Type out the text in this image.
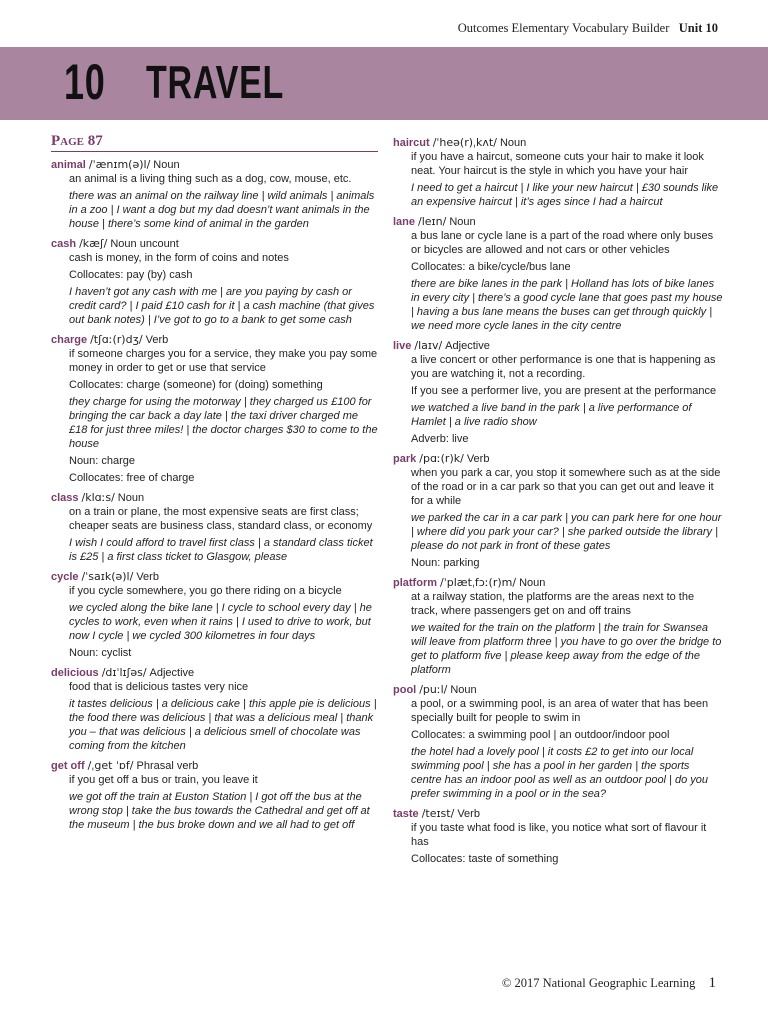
Outcomes Elementary Vocabulary Builder Unit 10
10 TRAVEL
Page 87
animal /ˈænɪm(ə)l/ Noun
an animal is a living thing such as a dog, cow, mouse, etc.
there was an animal on the railway line | wild animals | animals in a zoo | I want a dog but my dad doesn’t want animals in the house | there’s some kind of animal in the garden
cash /kæʃ/ Noun uncount
cash is money, in the form of coins and notes
Collocates: pay (by) cash
I haven’t got any cash with me | are you paying by cash or credit card? | I paid £10 cash for it | a cash machine (that gives out bank notes) | I’ve got to go to a bank to get some cash
charge /tʃɑː(r)dʒ/ Verb
if someone charges you for a service, they make you pay some money in order to get or use that service
Collocates: charge (someone) for (doing) something
they charge for using the motorway | they charged us £100 for bringing the car back a day late | the taxi driver charged me £18 for just three miles! | the doctor charges $30 to come to the house
Noun: charge
Collocates: free of charge
class /klɑːs/ Noun
on a train or plane, the most expensive seats are first class; cheaper seats are business class, standard class, or economy
I wish I could afford to travel first class | a standard class ticket is £25 | a first class ticket to Glasgow, please
cycle /ˈsaɪk(ə)l/ Verb
if you cycle somewhere, you go there riding on a bicycle
we cycled along the bike lane | I cycle to school every day | he cycles to work, even when it rains | I used to drive to work, but now I cycle | we cycled 300 kilometres in four days
Noun: cyclist
delicious /dɪˈlɪʃəs/ Adjective
food that is delicious tastes very nice
it tastes delicious | a delicious cake | this apple pie is delicious | the food there was delicious | that was a delicious meal | thank you – that was delicious | a delicious smell of chocolate was coming from the kitchen
get off /ˌget ˈɒf/ Phrasal verb
if you get off a bus or train, you leave it
we got off the train at Euston Station | I got off the bus at the wrong stop | take the bus towards the Cathedral and get off at the museum | the bus broke down and we all had to get off
haircut /ˈheə(r)ˌkʌt/ Noun
if you have a haircut, someone cuts your hair to make it look neat. Your haircut is the style in which you have your hair
I need to get a haircut | I like your new haircut | £30 sounds like an expensive haircut | it’s ages since I had a haircut
lane /leɪn/ Noun
a bus lane or cycle lane is a part of the road where only buses or bicycles are allowed and not cars or other vehicles
Collocates: a bike/cycle/bus lane
there are bike lanes in the park | Holland has lots of bike lanes in every city | there’s a good cycle lane that goes past my house | having a bus lane means the buses can get through quickly | we need more cycle lanes in the city centre
live /laɪv/ Adjective
a live concert or other performance is one that is happening as you are watching it, not a recording.
If you see a performer live, you are present at the performance
we watched a live band in the park | a live performance of Hamlet | a live radio show
Adverb: live
park /pɑː(r)k/ Verb
when you park a car, you stop it somewhere such as at the side of the road or in a car park so that you can get out and leave it for a while
we parked the car in a car park | you can park here for one hour | where did you park your car? | she parked outside the library | please do not park in front of these gates
Noun: parking
platform /ˈplætˌfɔː(r)m/ Noun
at a railway station, the platforms are the areas next to the track, where passengers get on and off trains
we waited for the train on the platform | the train for Swansea will leave from platform three | you have to go over the bridge to get to platform five | please keep away from the edge of the platform
pool /puːl/ Noun
a pool, or a swimming pool, is an area of water that has been specially built for people to swim in
Collocates: a swimming pool | an outdoor/indoor pool
the hotel had a lovely pool | it costs £2 to get into our local swimming pool | she has a pool in her garden | the sports centre has an indoor pool as well as an outdoor pool | do you prefer swimming in a pool or in the sea?
taste /teɪst/ Verb
if you taste what food is like, you notice what sort of flavour it has
Collocates: taste of something
© 2017 National Geographic Learning 1
